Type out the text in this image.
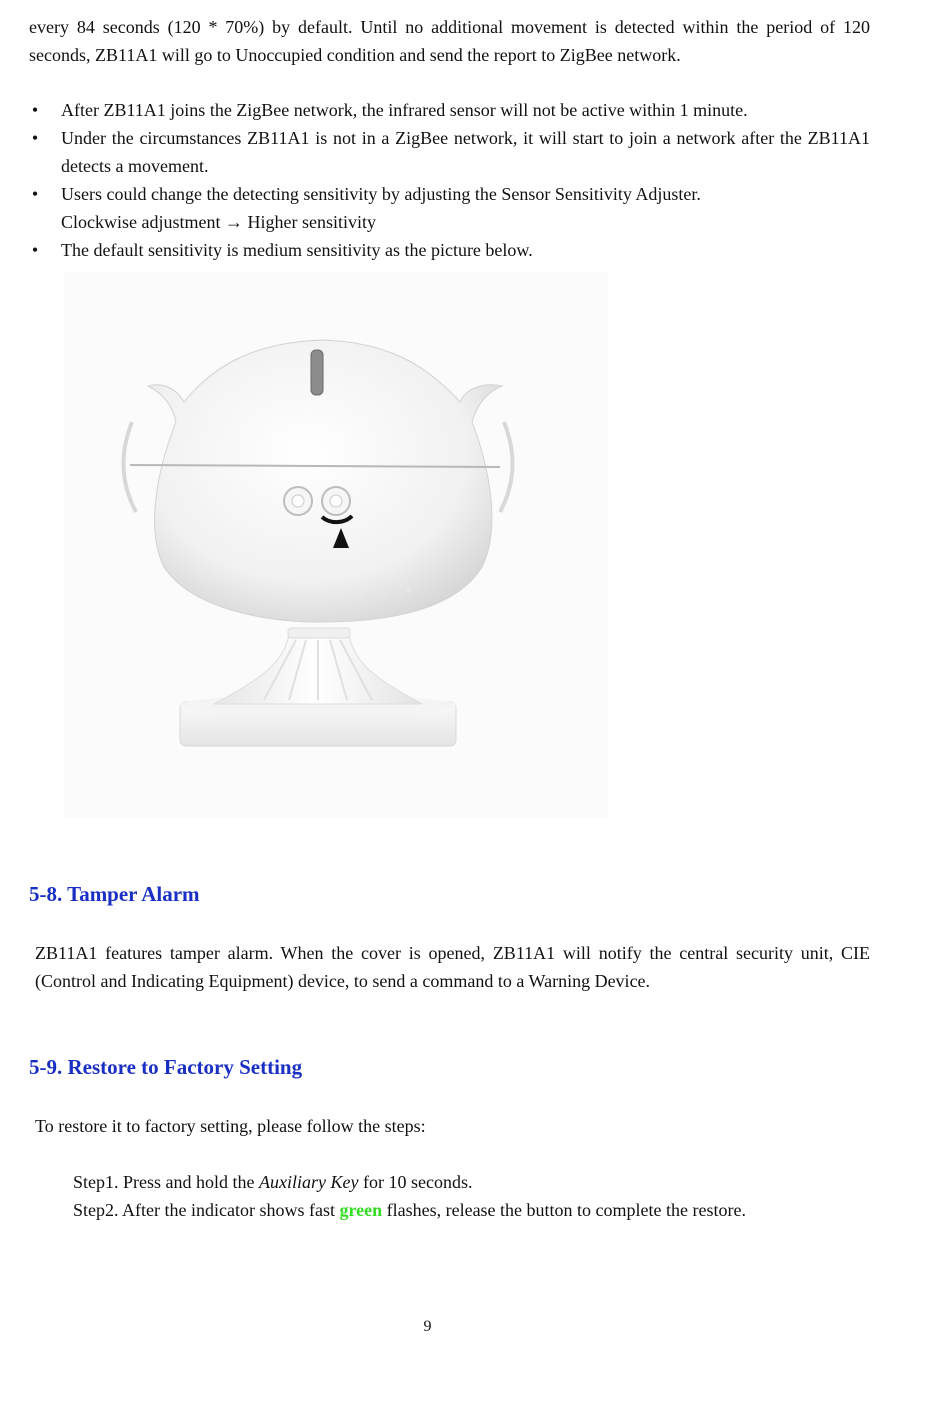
every 84 seconds (120 * 70%) by default. Until no additional movement is detected within the period of 120 seconds, ZB11A1 will go to Unoccupied condition and send the report to ZigBee network.

• After ZB11A1 joins the ZigBee network, the infrared sensor will not be active within 1 minute.
• Under the circumstances ZB11A1 is not in a ZigBee network, it will start to join a network after the ZB11A1 detects a movement.
• Users could change the detecting sensitivity by adjusting the Sensor Sensitivity Adjuster.
Clockwise adjustment → Higher sensitivity
• The default sensitivity is medium sensitivity as the picture below.
5-8. Tamper Alarm

ZB11A1 features tamper alarm. When the cover is opened, ZB11A1 will notify the central security unit, CIE (Control and Indicating Equipment) device, to send a command to a Warning Device.

5-9. Restore to Factory Setting

To restore it to factory setting, please follow the steps:

Step1. Press and hold the Auxiliary Key for 10 seconds.

Step2. After the indicator shows fast green flashes, release the button to complete the restore.

9
